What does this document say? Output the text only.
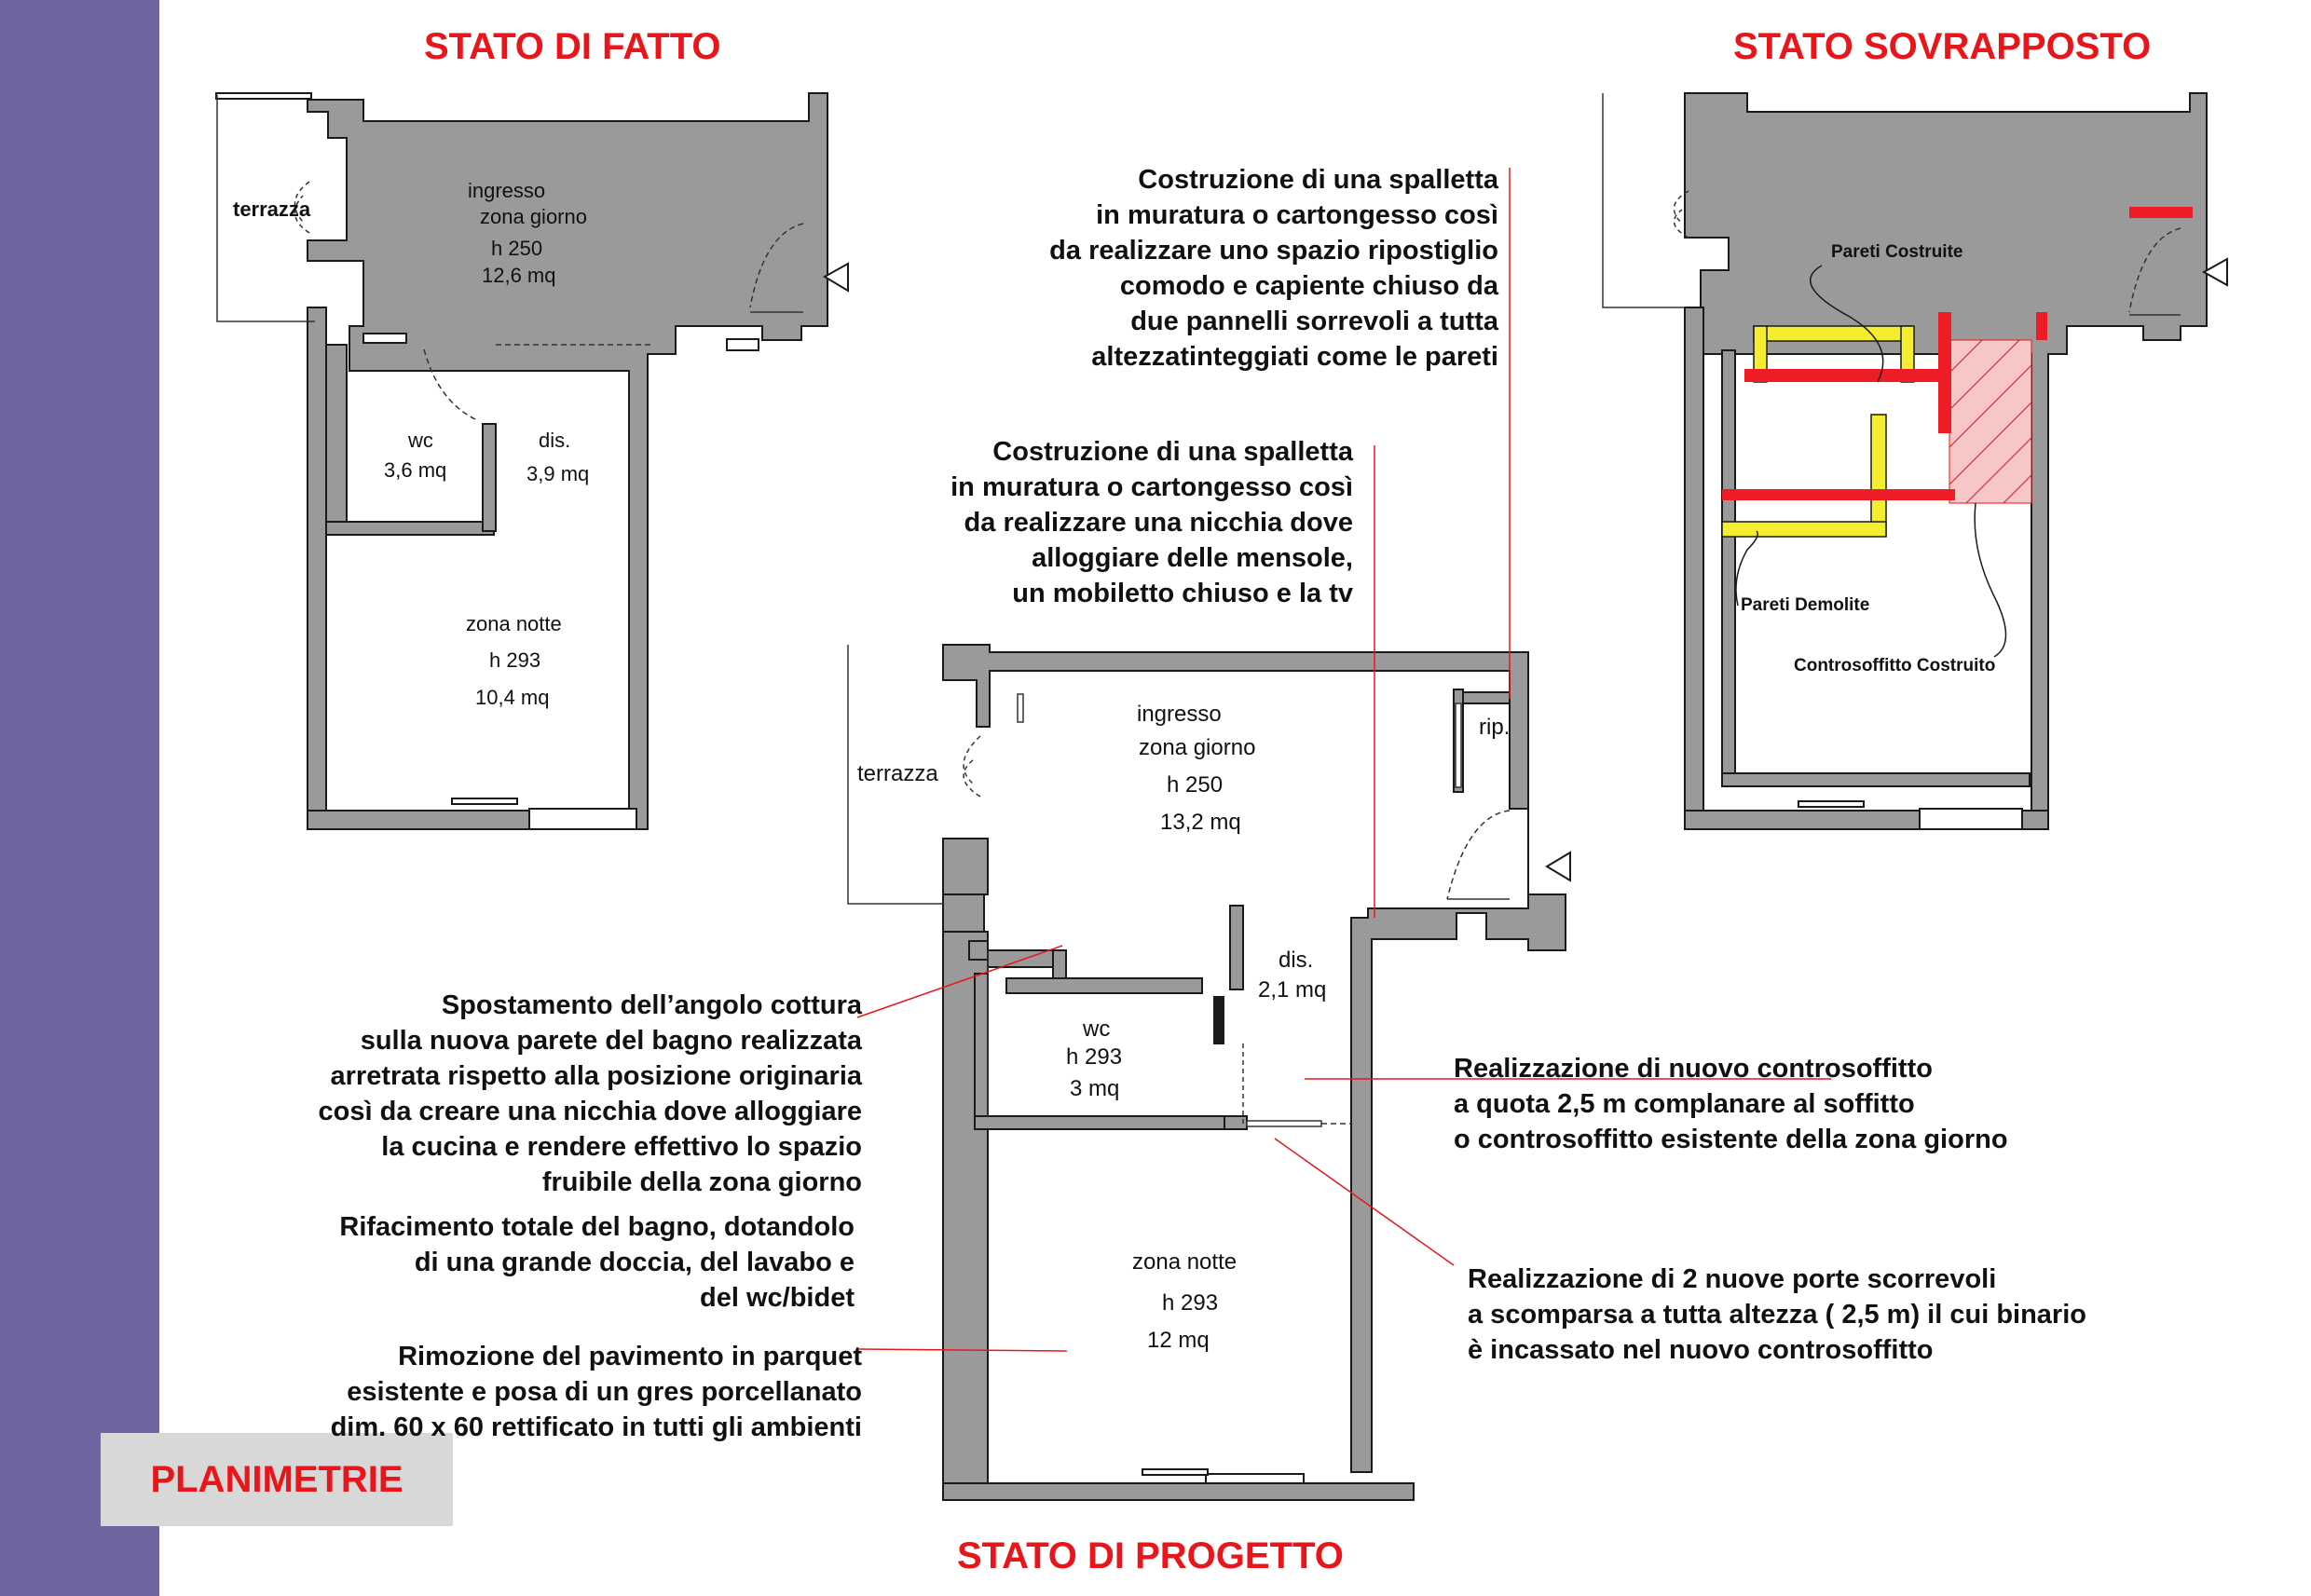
PLANIMETRIE
STATO DI FATTO	STATO SOVRAPPOSTO
STATO DI PROGETTO
terrazza
ingresso
zona giorno
h 250
12,6 mq
wc
3,6 mq
dis.
3,9 mq
zona notte
h 293
10,4 mq
Pareti Costruite
Pareti Demolite
Controsoffitto Costruito
terrazza
ingresso
zona giorno
h 250
13,2 mq
rip.
dis.
2,1 mq
wc
h 293
3 mq
zona notte
h 293
12 mq
Costruzione di una spalletta
in muratura o cartongesso così
da realizzare uno spazio ripostiglio
comodo e capiente chiuso da
due pannelli sorrevoli a tutta
altezzatinteggiati come le pareti
Costruzione di una spalletta
in muratura o cartongesso così
da realizzare una nicchia dove
alloggiare delle mensole,
un mobiletto chiuso e la tv
Spostamento dell’angolo cottura
sulla nuova parete del bagno realizzata
arretrata rispetto alla posizione originaria
così da creare una nicchia dove alloggiare
la cucina e rendere effettivo lo spazio
fruibile della zona giorno
Rifacimento totale del bagno, dotandolo
di una grande doccia, del lavabo e
del wc/bidet
Rimozione del pavimento in parquet
esistente e posa di un gres porcellanato
dim. 60 x 60 rettificato in tutti gli ambienti
Realizzazione di nuovo controsoffitto
a quota 2,5 m complanare al soffitto
o controsoffitto esistente della zona giorno
Realizzazione di 2 nuove porte scorrevoli
a scomparsa a tutta altezza ( 2,5 m) il cui binario
è incassato nel nuovo controsoffitto
